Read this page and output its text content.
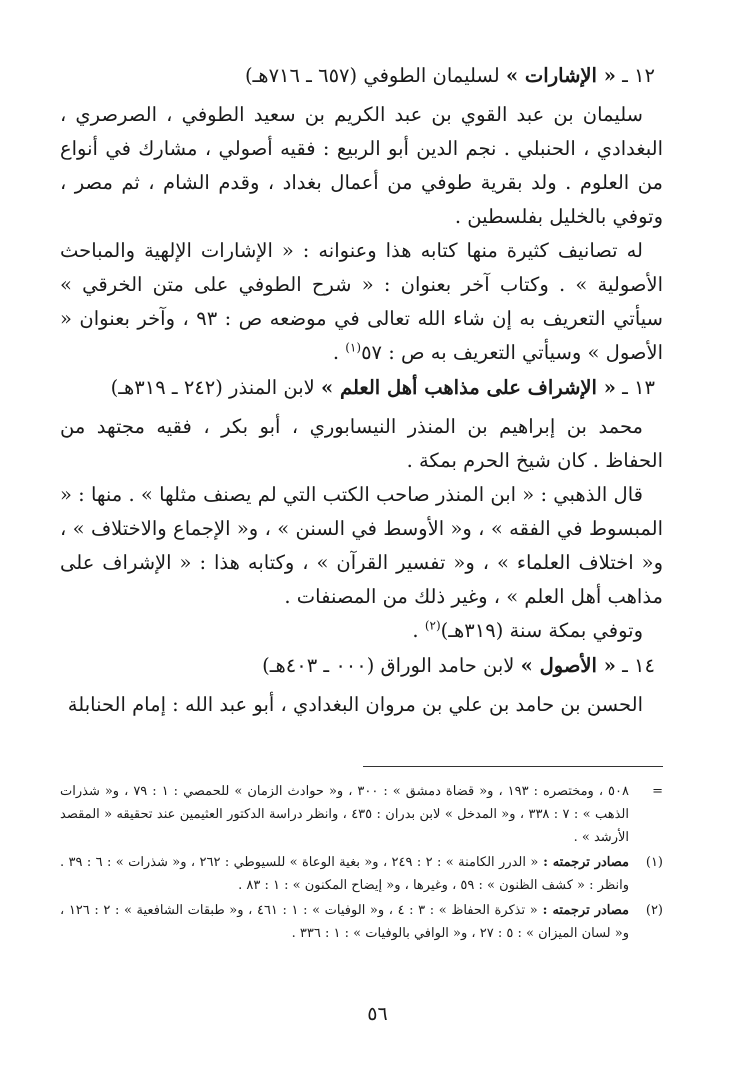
١٢ ـ « الإشارات » لسليمان الطوفي (٦٥٧ ـ ٧١٦هـ)

سليمان بن عبد القوي بن عبد الكريم بن سعيد الطوفي ، الصرصري ، البغدادي ، الحنبلي . نجم الدين أبو الربيع : فقيه أصولي ، مشارك في أنواع من العلوم . ولد بقرية طوفي من أعمال بغداد ، وقدم الشام ، ثم مصر ، وتوفي بالخليل بفلسطين .

له تصانيف كثيرة منها كتابه هذا وعنوانه : « الإشارات الإلهية والمباحث الأصولية » . وكتاب آخر بعنوان : « شرح الطوفي على متن الخرقي » سيأتي التعريف به إن شاء الله تعالى في موضعه ص : ٩٣ ، وآخر بعنوان « الأصول » وسيأتي التعريف به ص : ٥٧$^{(١)}$ .

١٣ ـ « الإشراف على مذاهب أهل العلم » لابن المنذر (٢٤٢ ـ ٣١٩هـ)

محمد بن إبراهيم بن المنذر النيسابوري ، أبو بكر ، فقيه مجتهد من الحفاظ . كان شيخ الحرم بمكة .

قال الذهبي : « ابن المنذر صاحب الكتب التي لم يصنف مثلها » . منها : « المبسوط في الفقه » ، و« الأوسط في السنن » ، و« الإجماع والاختلاف » ، و« اختلاف العلماء » ، و« تفسير القرآن » ، وكتابه هذا : « الإشراف على مذاهب أهل العلم » ، وغير ذلك من المصنفات .

وتوفي بمكة سنة (٣١٩هـ)$^{(٢)}$ .

١٤ ـ « الأصول » لابن حامد الوراق (٠٠٠ ـ ٤٠٣هـ)

الحسن بن حامد بن علي بن مروان البغدادي ، أبو عبد الله : إمام الحنابلة

=
٥٠٨ ، ومختصره : ١٩٣ ، و« قضاة دمشق » : ٣٠٠ ، و« حوادث الزمان » للحمصي : ١ : ٧٩ ، و« شذرات الذهب » : ٧ : ٣٣٨ ، و« المدخل » لابن بدران : ٤٣٥ ، وانظر دراسة الدكتور العثيمين عند تحقيقه « المقصد الأرشد » .
(١)
مصادر ترجمته : « الدرر الكامنة » : ٢ : ٢٤٩ ، و« بغية الوعاة » للسيوطي : ٢٦٢ ، و« شذرات » : ٦ : ٣٩ . وانظر : « كشف الظنون » : ٥٩ ، وغيرها ، و« إيضاح المكنون » : ١ : ٨٣ .
(٢)
مصادر ترجمته : « تذكرة الحفاظ » : ٣ : ٤ ، و« الوفيات » : ١ : ٤٦١ ، و« طبقات الشافعية » : ٢ : ١٢٦ ، و« لسان الميزان » : ٥ : ٢٧ ، و« الوافي بالوفيات » : ١ : ٣٣٦ .
٥٦
